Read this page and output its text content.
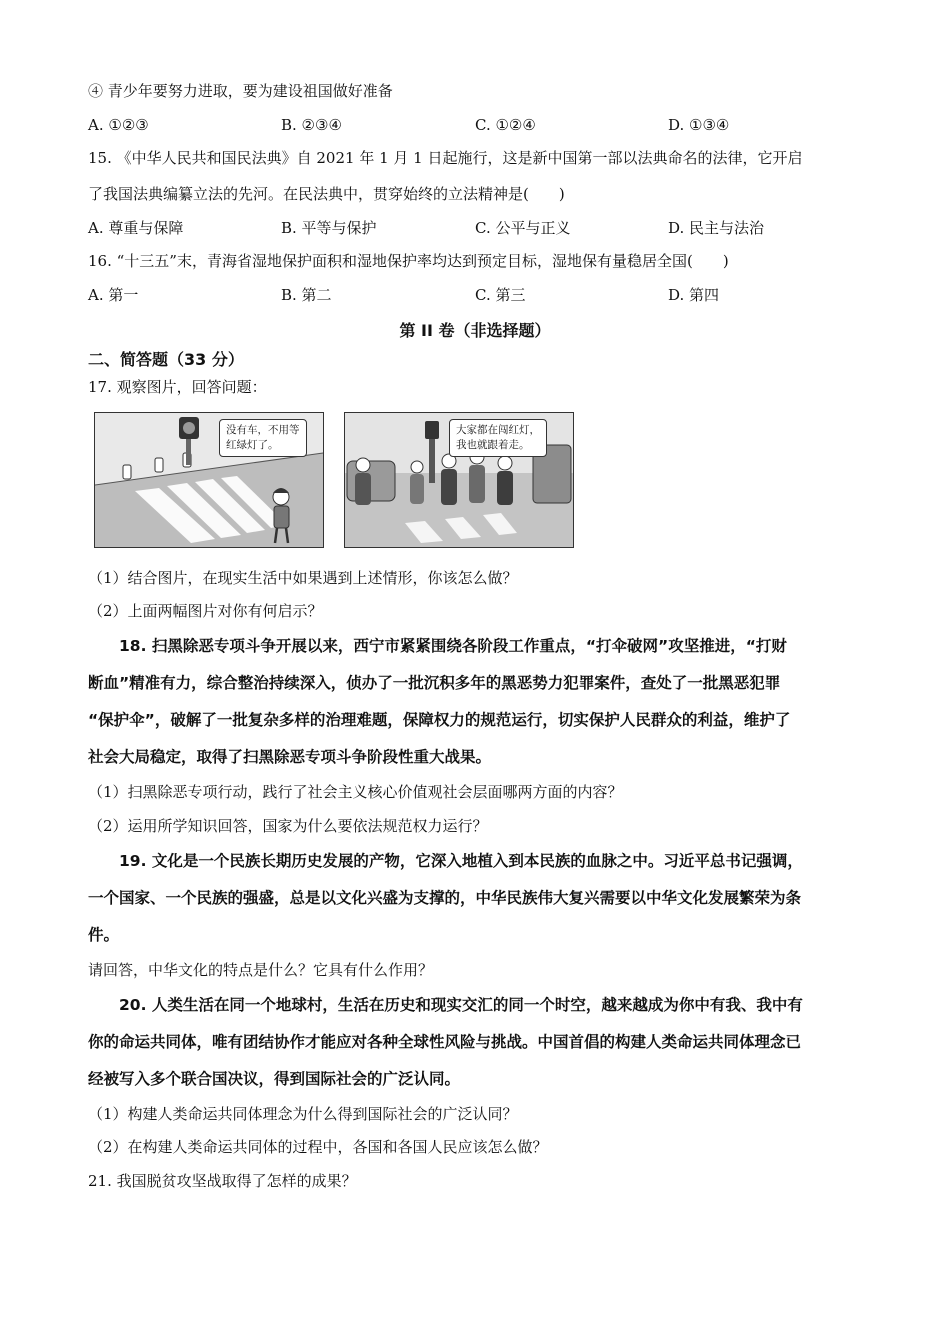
④ 青少年要努力进取，要为建设祖国做好准备
A. ①②③	B. ②③④	C. ①②④	D. ①③④
15. 《中华人民共和国民法典》自 2021 年 1 月 1 日起施行，这是新中国第一部以法典命名的法律，它开启
了我国法典编纂立法的先河。在民法典中，贯穿始终的立法精神是(　　)
A. 尊重与保障	B. 平等与保护	C. 公平与正义	D. 民主与法治
16. “十三五”末，青海省湿地保护面积和湿地保护率均达到预定目标，湿地保有量稳居全国(　　)
A. 第一	B. 第二	C. 第三	D. 第四
第 II 卷（非选择题）
二、简答题（33 分）
17. 观察图片，回答问题：
没有车，不用等
红绿灯了。
大家都在闯红灯，
我也就跟着走。
（1）结合图片，在现实生活中如果遇到上述情形，你该怎么做？
（2）上面两幅图片对你有何启示？
18. 扫黑除恶专项斗争开展以来，西宁市紧紧围绕各阶段工作重点，“打伞破网”攻坚推进，“打财
断血”精准有力，综合整治持续深入，侦办了一批沉积多年的黑恶势力犯罪案件，查处了一批黑恶犯罪
“保护伞”，破解了一批复杂多样的治理难题，保障权力的规范运行，切实保护人民群众的利益，维护了
社会大局稳定，取得了扫黑除恶专项斗争阶段性重大战果。
（1）扫黑除恶专项行动，践行了社会主义核心价值观社会层面哪两方面的内容？
（2）运用所学知识回答，国家为什么要依法规范权力运行？
19. 文化是一个民族长期历史发展的产物，它深入地植入到本民族的血脉之中。习近平总书记强调，
一个国家、一个民族的强盛，总是以文化兴盛为支撑的，中华民族伟大复兴需要以中华文化发展繁荣为条
件。
请回答，中华文化的特点是什么？它具有什么作用？
20. 人类生活在同一个地球村，生活在历史和现实交汇的同一个时空，越来越成为你中有我、我中有
你的命运共同体，唯有团结协作才能应对各种全球性风险与挑战。中国首倡的构建人类命运共同体理念已
经被写入多个联合国决议，得到国际社会的广泛认同。
（1）构建人类命运共同体理念为什么得到国际社会的广泛认同？
（2）在构建人类命运共同体的过程中，各国和各国人民应该怎么做？
21. 我国脱贫攻坚战取得了怎样的成果？
